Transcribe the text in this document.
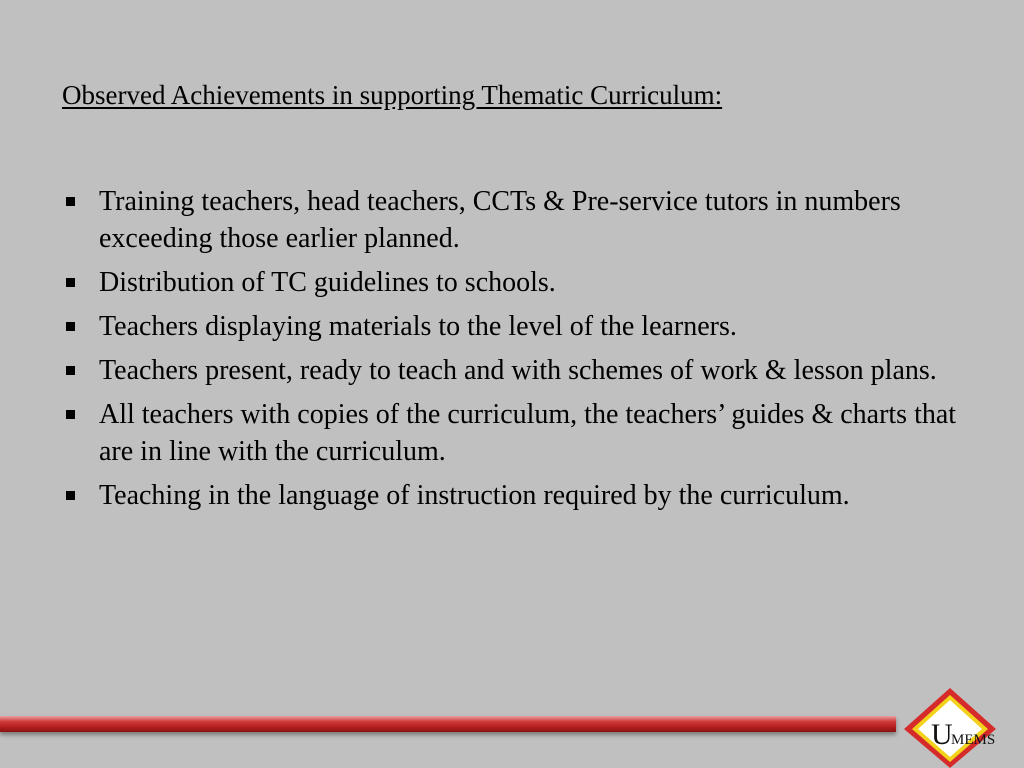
Observed Achievements in supporting Thematic Curriculum:
Training teachers, head teachers, CCTs & Pre-service tutors in numbers exceeding those earlier planned.
Distribution of TC guidelines to schools.
Teachers displaying materials to the level of the learners.
Teachers present, ready to teach and with schemes of work & lesson plans.
All teachers with copies of the curriculum, the teachers’ guides & charts that are in line with the curriculum.
Teaching in the language of instruction required by the curriculum.
U
MEMS
